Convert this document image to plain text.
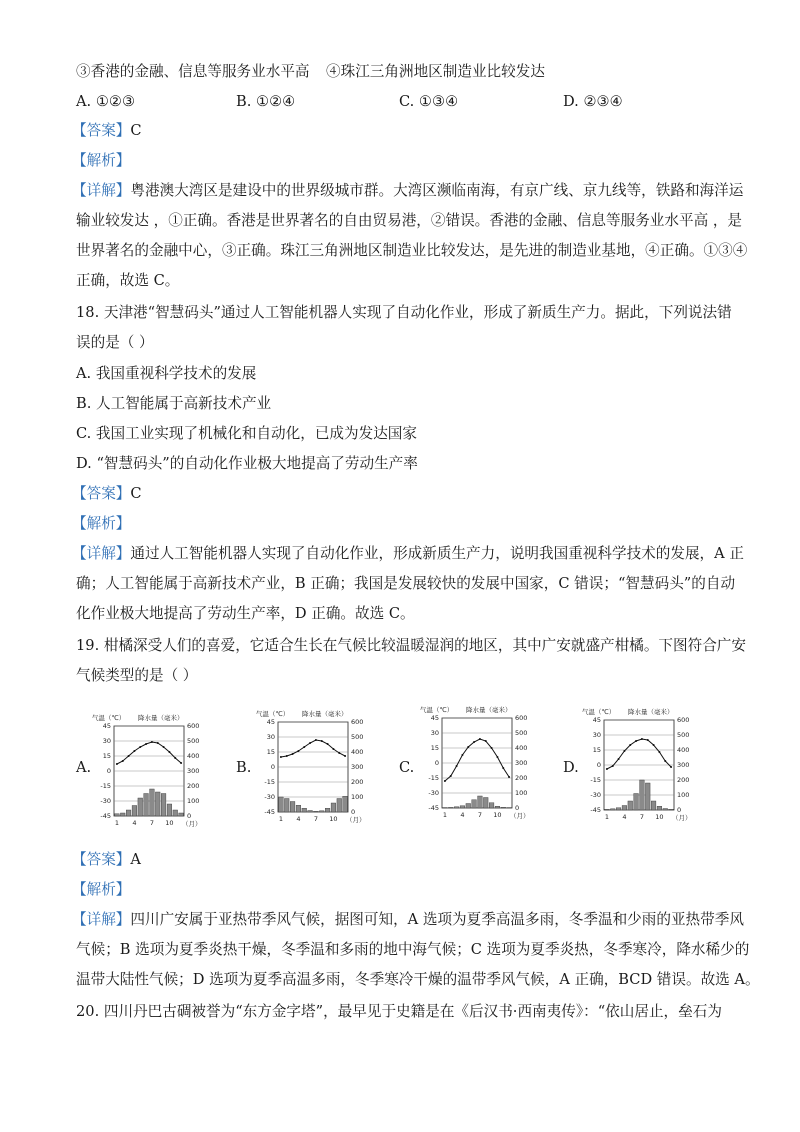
③香港的金融、信息等服务业水平高 ④珠江三角洲地区制造业比较发达
A. ①②③	B. ①②④	C. ①③④	D. ②③④
【答案】C
【解析】
【详解】粤港澳大湾区是建设中的世界级城市群。大湾区濒临南海，有京广线、京九线等，铁路和海洋运
输业较发达 ，①正确。香港是世界著名的自由贸易港，②错误。香港的金融、信息等服务业水平高 ，是
世界著名的金融中心，③正确。珠江三角洲地区制造业比较发达，是先进的制造业基地，④正确。①③④
正确，故选 C。
18. 天津港“智慧码头”通过人工智能机器人实现了自动化作业，形成了新质生产力。据此，下列说法错
误的是（ ）
A. 我国重视科学技术的发展
B. 人工智能属于高新技术产业
C. 我国工业实现了机械化和自动化，已成为发达国家
D. “智慧码头”的自动化作业极大地提高了劳动生产率
【答案】C
【解析】
【详解】通过人工智能机器人实现了自动化作业，形成新质生产力，说明我国重视科学技术的发展，A 正
确；人工智能属于高新技术产业，B 正确；我国是发展较快的发展中国家，C 错误；“智慧码头”的自动
化作业极大地提高了劳动生产率，D 正确。故选 C。
19. 柑橘深受人们的喜爱，它适合生长在气候比较温暖湿润的地区，其中广安就盛产柑橘。下图符合广安
气候类型的是（ ）
A.	B.	C.	D.
气温（℃） 降水量（毫米）
45
30
15
0
-15
-30
-45
600
500
400
300
200
100
0
1 4 7 10 （月）
气温（℃） 降水量（毫米）
45
30
15
0
-15
-30
-45
600
500
400
300
200
100
0
1 4 7 10 （月）
气温（℃） 降水量（毫米）
45
30
15
0
-15
-30
-45
600
500
400
300
200
100
0
1 4 7 10 （月）
气温（℃） 降水量（毫米）
45
30
15
0
-15
-30
-45
600
500
400
300
200
100
0
1 4 7 10 （月）
【答案】A
【解析】
【详解】四川广安属于亚热带季风气候，据图可知，A 选项为夏季高温多雨，冬季温和少雨的亚热带季风
气候；B 选项为夏季炎热干燥，冬季温和多雨的地中海气候；C 选项为夏季炎热，冬季寒冷，降水稀少的
温带大陆性气候；D 选项为夏季高温多雨，冬季寒冷干燥的温带季风气候，A 正确，BCD 错误。故选 A。
20. 四川丹巴古碉被誉为“东方金字塔”，最早见于史籍是在《后汉书·西南夷传》：“依山居止，垒石为
